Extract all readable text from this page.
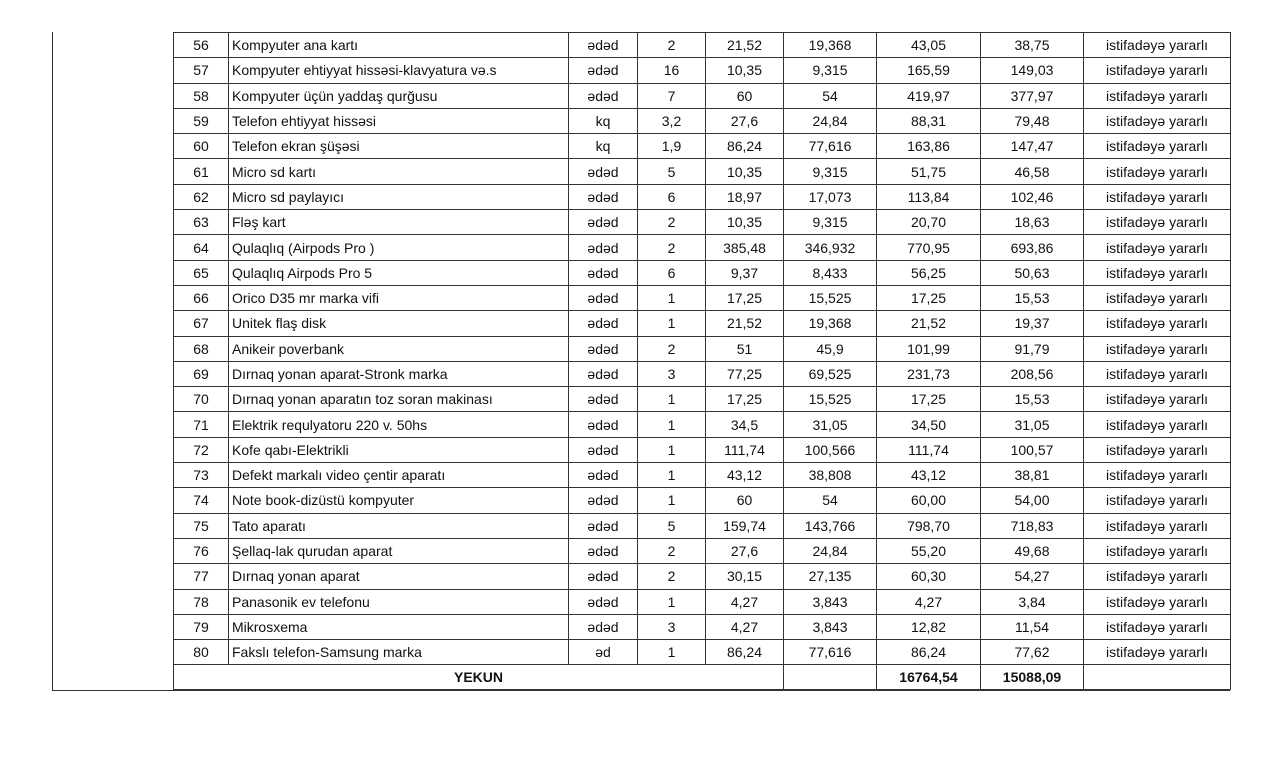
56	Kompyuter ana kartı	ədəd	2	21,52	19,368	43,05	38,75	istifadəyə yararlı
57	Kompyuter ehtiyyat hissəsi-klavyatura və.s	ədəd	16	10,35	9,315	165,59	149,03	istifadəyə yararlı
58	Kompyuter üçün yaddaş qurğusu	ədəd	7	60	54	419,97	377,97	istifadəyə yararlı
59	Telefon ehtiyyat hissəsi	kq	3,2	27,6	24,84	88,31	79,48	istifadəyə yararlı
60	Telefon ekran şüşəsi	kq	1,9	86,24	77,616	163,86	147,47	istifadəyə yararlı
61	Micro sd kartı	ədəd	5	10,35	9,315	51,75	46,58	istifadəyə yararlı
62	Micro sd paylayıcı	ədəd	6	18,97	17,073	113,84	102,46	istifadəyə yararlı
63	Fləş kart	ədəd	2	10,35	9,315	20,70	18,63	istifadəyə yararlı
64	Qulaqlıq (Airpods Pro )	ədəd	2	385,48	346,932	770,95	693,86	istifadəyə yararlı
65	Qulaqlıq Airpods Pro 5	ədəd	6	9,37	8,433	56,25	50,63	istifadəyə yararlı
66	Orico D35 mr marka vifi	ədəd	1	17,25	15,525	17,25	15,53	istifadəyə yararlı
67	Unitek flaş disk	ədəd	1	21,52	19,368	21,52	19,37	istifadəyə yararlı
68	Anikeir poverbank	ədəd	2	51	45,9	101,99	91,79	istifadəyə yararlı
69	Dırnaq yonan aparat-Stronk marka	ədəd	3	77,25	69,525	231,73	208,56	istifadəyə yararlı
70	Dırnaq yonan aparatın toz soran makinası	ədəd	1	17,25	15,525	17,25	15,53	istifadəyə yararlı
71	Elektrik requlyatoru 220 v. 50hs	ədəd	1	34,5	31,05	34,50	31,05	istifadəyə yararlı
72	Kofe qabı-Elektrikli	ədəd	1	111,74	100,566	111,74	100,57	istifadəyə yararlı
73	Defekt markalı video çentir aparatı	ədəd	1	43,12	38,808	43,12	38,81	istifadəyə yararlı
74	Note book-dizüstü kompyuter	ədəd	1	60	54	60,00	54,00	istifadəyə yararlı
75	Tato aparatı	ədəd	5	159,74	143,766	798,70	718,83	istifadəyə yararlı
76	Şellaq-lak qurudan aparat	ədəd	2	27,6	24,84	55,20	49,68	istifadəyə yararlı
77	Dırnaq yonan aparat	ədəd	2	30,15	27,135	60,30	54,27	istifadəyə yararlı
78	Panasonik ev telefonu	ədəd	1	4,27	3,843	4,27	3,84	istifadəyə yararlı
79	Mikrosxema	ədəd	3	4,27	3,843	12,82	11,54	istifadəyə yararlı
80	Fakslı telefon-Samsung marka	əd	1	86,24	77,616	86,24	77,62	istifadəyə yararlı
YEKUN						16764,54	15088,09	
